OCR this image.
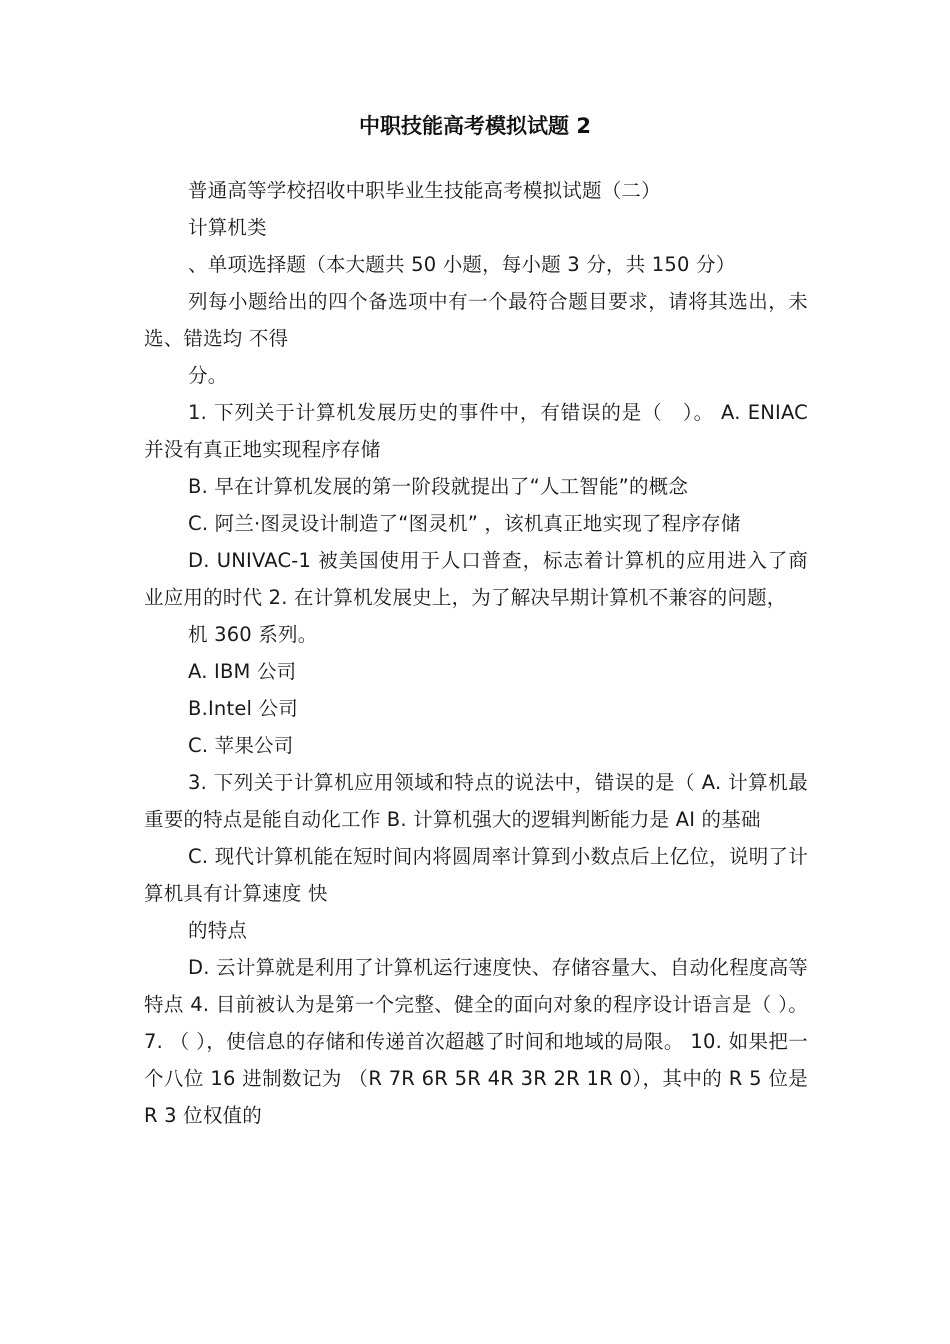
中职技能高考模拟试题 2

普通高等学校招收中职毕业生技能高考模拟试题（二）

计算机类

、单项选择题（本大题共 50 小题，每小题 3 分，共 150 分）

列每小题给出的四个备选项中有一个最符合题目要求，请将其选出，未选、错选均 不得

分。

1. 下列关于计算机发展历史的事件中，有错误的是（　）。 A. ENIAC 并没有真正地实现程序存储

B. 早在计算机发展的第一阶段就提出了“人工智能”的概念

C. 阿兰·图灵设计制造了“图灵机” ，该机真正地实现了程序存储

D. UNIVAC-1 被美国使用于人口普查，标志着计算机的应用进入了商业应用的时代 2. 在计算机发展史上，为了解决早期计算机不兼容的问题，

机 360 系列。

A. IBM 公司

B.Intel 公司

C. 苹果公司

3. 下列关于计算机应用领域和特点的说法中，错误的是（ A. 计算机最重要的特点是能自动化工作 B. 计算机强大的逻辑判断能力是 AI 的基础

C. 现代计算机能在短时间内将圆周率计算到小数点后上亿位，说明了计算机具有计算速度 快

的特点

D. 云计算就是利用了计算机运行速度快、存储容量大、自动化程度高等特点 4. 目前被认为是第一个完整、健全的面向对象的程序设计语言是（ ）。 7. （ ），使信息的存储和传递首次超越了时间和地域的局限。 10. 如果把一个八位 16 进制数记为 （R 7R 6R 5R 4R 3R 2R 1R 0），其中的 R 5 位是 R 3 位权值的
